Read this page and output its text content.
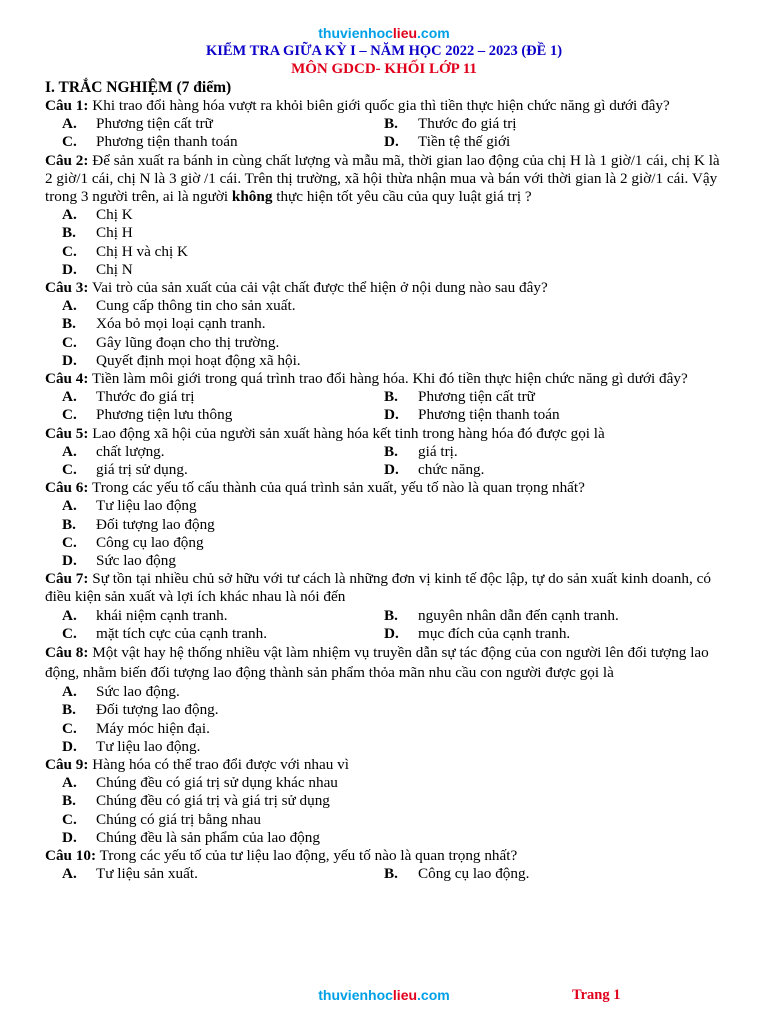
thuvienhoclieu.com
KIỂM TRA GIỮA KỲ I – NĂM HỌC 2022 – 2023 (ĐỀ 1)
MÔN GDCD- KHỐI LỚP 11
I. TRẮC NGHIỆM (7 điểm)

Câu 1: Khi trao đổi hàng hóa vượt ra khỏi biên giới quốc gia thì tiền thực hiện chức năng gì dưới đây?

A.	Phương tiện cất trữ	B.	Thước đo giá trị
C.	Phương tiện thanh toán	D.	Tiền tệ thế giới

Câu 2: Để sản xuất ra bánh in cùng chất lượng và mẫu mã, thời gian lao động của chị H là 1 giờ/1 cái, chị K là 2 giờ/1 cái, chị N là 3 giờ /1 cái. Trên thị trường, xã hội thừa nhận mua và bán với thời gian là 2 giờ/1 cái. Vậy trong 3 người trên, ai là người không thực hiện tốt yêu cầu của quy luật giá trị ?

A.	Chị K
B.	Chị H
C.	Chị H và chị K
D.	Chị N

Câu 3: Vai trò của sản xuất của cải vật chất được thể hiện ở nội dung nào sau đây?

A.	Cung cấp thông tin cho sản xuất.
B.	Xóa bỏ mọi loại cạnh tranh.
C.	Gây lũng đoạn cho thị trường.
D.	Quyết định mọi hoạt động xã hội.

Câu 4: Tiền làm môi giới trong quá trình trao đổi hàng hóa. Khi đó tiền thực hiện chức năng gì dưới đây?

A.	Thước đo giá trị	B.	Phương tiện cất trữ
C.	Phương tiện lưu thông	D.	Phương tiện thanh toán

Câu 5: Lao động xã hội của người sản xuất hàng hóa kết tinh trong hàng hóa đó được gọi là

A.	chất lượng.	B.	giá trị.
C.	giá trị sử dụng.	D.	chức năng.

Câu 6: Trong các yếu tố cấu thành của quá trình sản xuất, yếu tố nào là quan trọng nhất?

A.	Tư liệu lao động
B.	Đối tượng lao động
C.	Công cụ lao động
D.	Sức lao động

Câu 7: Sự tồn tại nhiều chủ sở hữu với tư cách là những đơn vị kinh tế độc lập, tự do sản xuất kinh doanh, có điều kiện sản xuất và lợi ích khác nhau là nói đến

A.	khái niệm cạnh tranh.	B.	nguyên nhân dẫn đến cạnh tranh.
C.	mặt tích cực của cạnh tranh.	D.	mục đích của cạnh tranh.

Câu 8: Một vật hay hệ thống nhiều vật làm nhiệm vụ truyền dẫn sự tác động của con người lên đối tượng lao động, nhằm biến đối tượng lao động thành sản phẩm thỏa mãn nhu cầu con người được gọi là

A.	Sức lao động.
B.	Đối tượng lao động.
C.	Máy móc hiện đại.
D.	Tư liệu lao động.

Câu 9: Hàng hóa có thể trao đổi được với nhau vì

A.	Chúng đều có giá trị sử dụng khác nhau
B.	Chúng đều có giá trị và giá trị sử dụng
C.	Chúng có giá trị bằng nhau
D.	Chúng đều là sản phẩm của lao động

Câu 10: Trong các yếu tố của tư liệu lao động, yếu tố nào là quan trọng nhất?

A.	Tư liệu sản xuất.	B.	Công cụ lao động.
thuvienhoclieu.com	Trang 1
